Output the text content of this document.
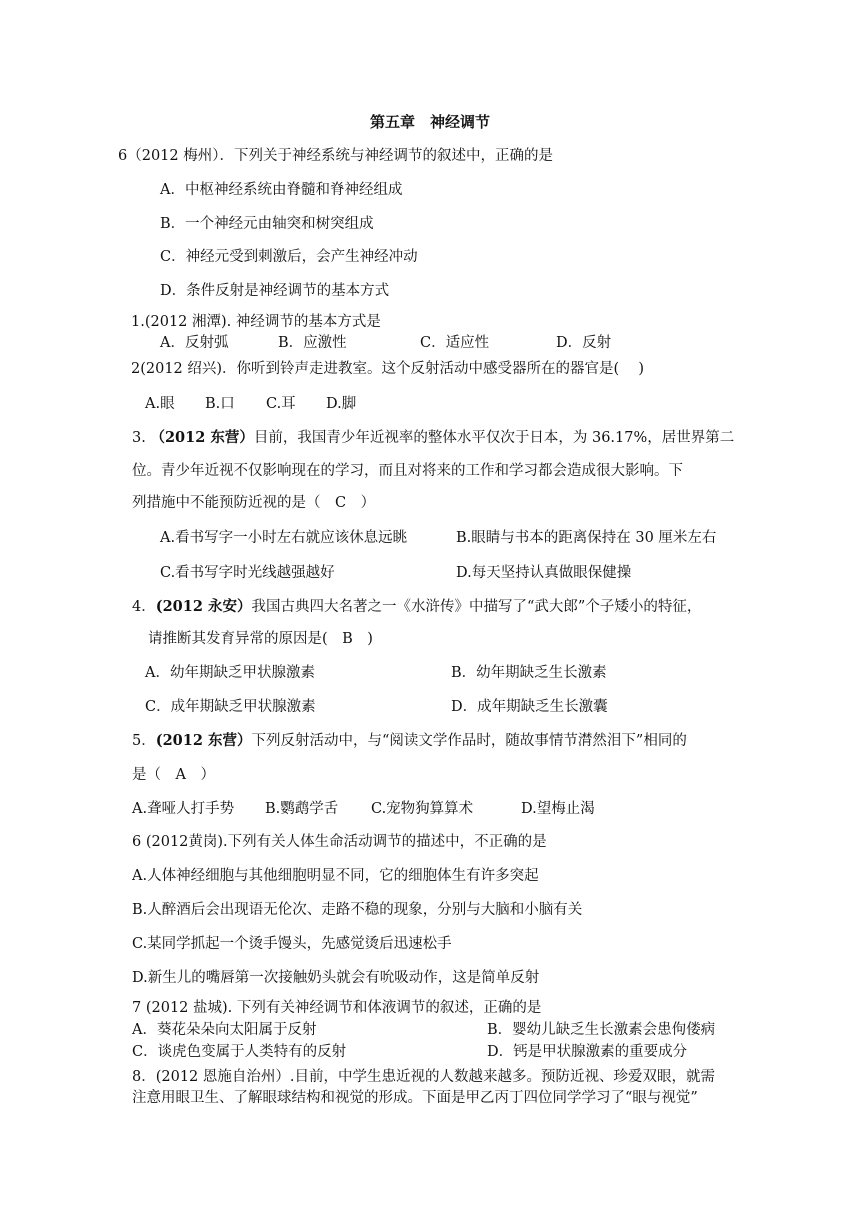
第五章　神经调节
6（2012 梅州）．下列关于神经系统与神经调节的叙述中，正确的是
A．中枢神经系统由脊髓和脊神经组成
B．一个神经元由轴突和树突组成
C．神经元受到刺激后，会产生神经冲动
D．条件反射是神经调节的基本方式
1.(2012 湘潭). 神经调节的基本方式是
A．反射弧	B．应激性	C．适应性	D．反射
2(2012 绍兴)．你听到铃声走进教室。这个反射活动中感受器所在的器官是(　 )
A.眼 B.口 C.耳 D.脚
3. （2012 东营）目前，我国青少年近视率的整体水平仅次于日本，为 36.17%，居世界第二
位。青少年近视不仅影响现在的学习，而且对将来的工作和学习都会造成很大影响。下
列措施中不能预防近视的是（　C　）
A.看书写字一小时左右就应该休息远眺	B.眼睛与书本的距离保持在 30 厘米左右
C.看书写字时光线越强越好	D.每天坚持认真做眼保健操
4．(2012 永安）我国古典四大名著之一《水浒传》中描写了“武大郎”个子矮小的特征，
请推断其发育异常的原因是(　B　)
A．幼年期缺乏甲状腺激素	B．幼年期缺乏生长激素
C．成年期缺乏甲状腺激素	D．成年期缺乏生长激囊
5．(2012 东营）下列反射活动中，与“阅读文学作品时，随故事情节潸然泪下”相同的
是（　A　）
A.聋哑人打手势 B.鹦鹉学舌 C.宠物狗算算术	D.望梅止渴
6 (2012黄岗).下列有关人体生命活动调节的描述中，不正确的是
A.人体神经细胞与其他细胞明显不同，它的细胞体生有许多突起
B.人醉酒后会出现语无伦次、走路不稳的现象，分别与大脑和小脑有关
C.某同学抓起一个烫手馒头，先感觉烫后迅速松手
D.新生儿的嘴唇第一次接触奶头就会有吮吸动作，这是简单反射
7 (2012 盐城). 下列有关神经调节和体液调节的叙述，正确的是
A．葵花朵朵向太阳属于反射	B．婴幼儿缺乏生长激素会患佝偻病
C．谈虎色变属于人类特有的反射	D．钙是甲状腺激素的重要成分
8．(2012 恩施自治州）.目前，中学生患近视的人数越来越多。预防近视、珍爱双眼，就需
注意用眼卫生、了解眼球结构和视觉的形成。下面是甲乙丙丁四位同学学习了“眼与视觉”
